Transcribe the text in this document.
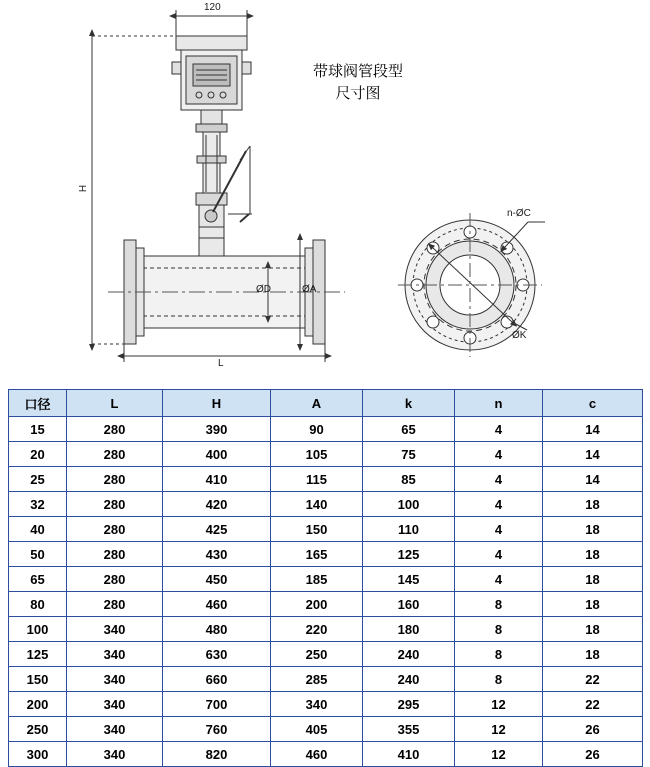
120
H
L
ØD	ØA
n-ØC
ØK
带球阀管段型
尺寸图
口径	L	H	A	k	n	c
15	280	390	90	65	4	14
20	280	400	105	75	4	14
25	280	410	115	85	4	14
32	280	420	140	100	4	18
40	280	425	150	110	4	18
50	280	430	165	125	4	18
65	280	450	185	145	4	18
80	280	460	200	160	8	18
100	340	480	220	180	8	18
125	340	630	250	240	8	18
150	340	660	285	240	8	22
200	340	700	340	295	12	22
250	340	760	405	355	12	26
300	340	820	460	410	12	26
